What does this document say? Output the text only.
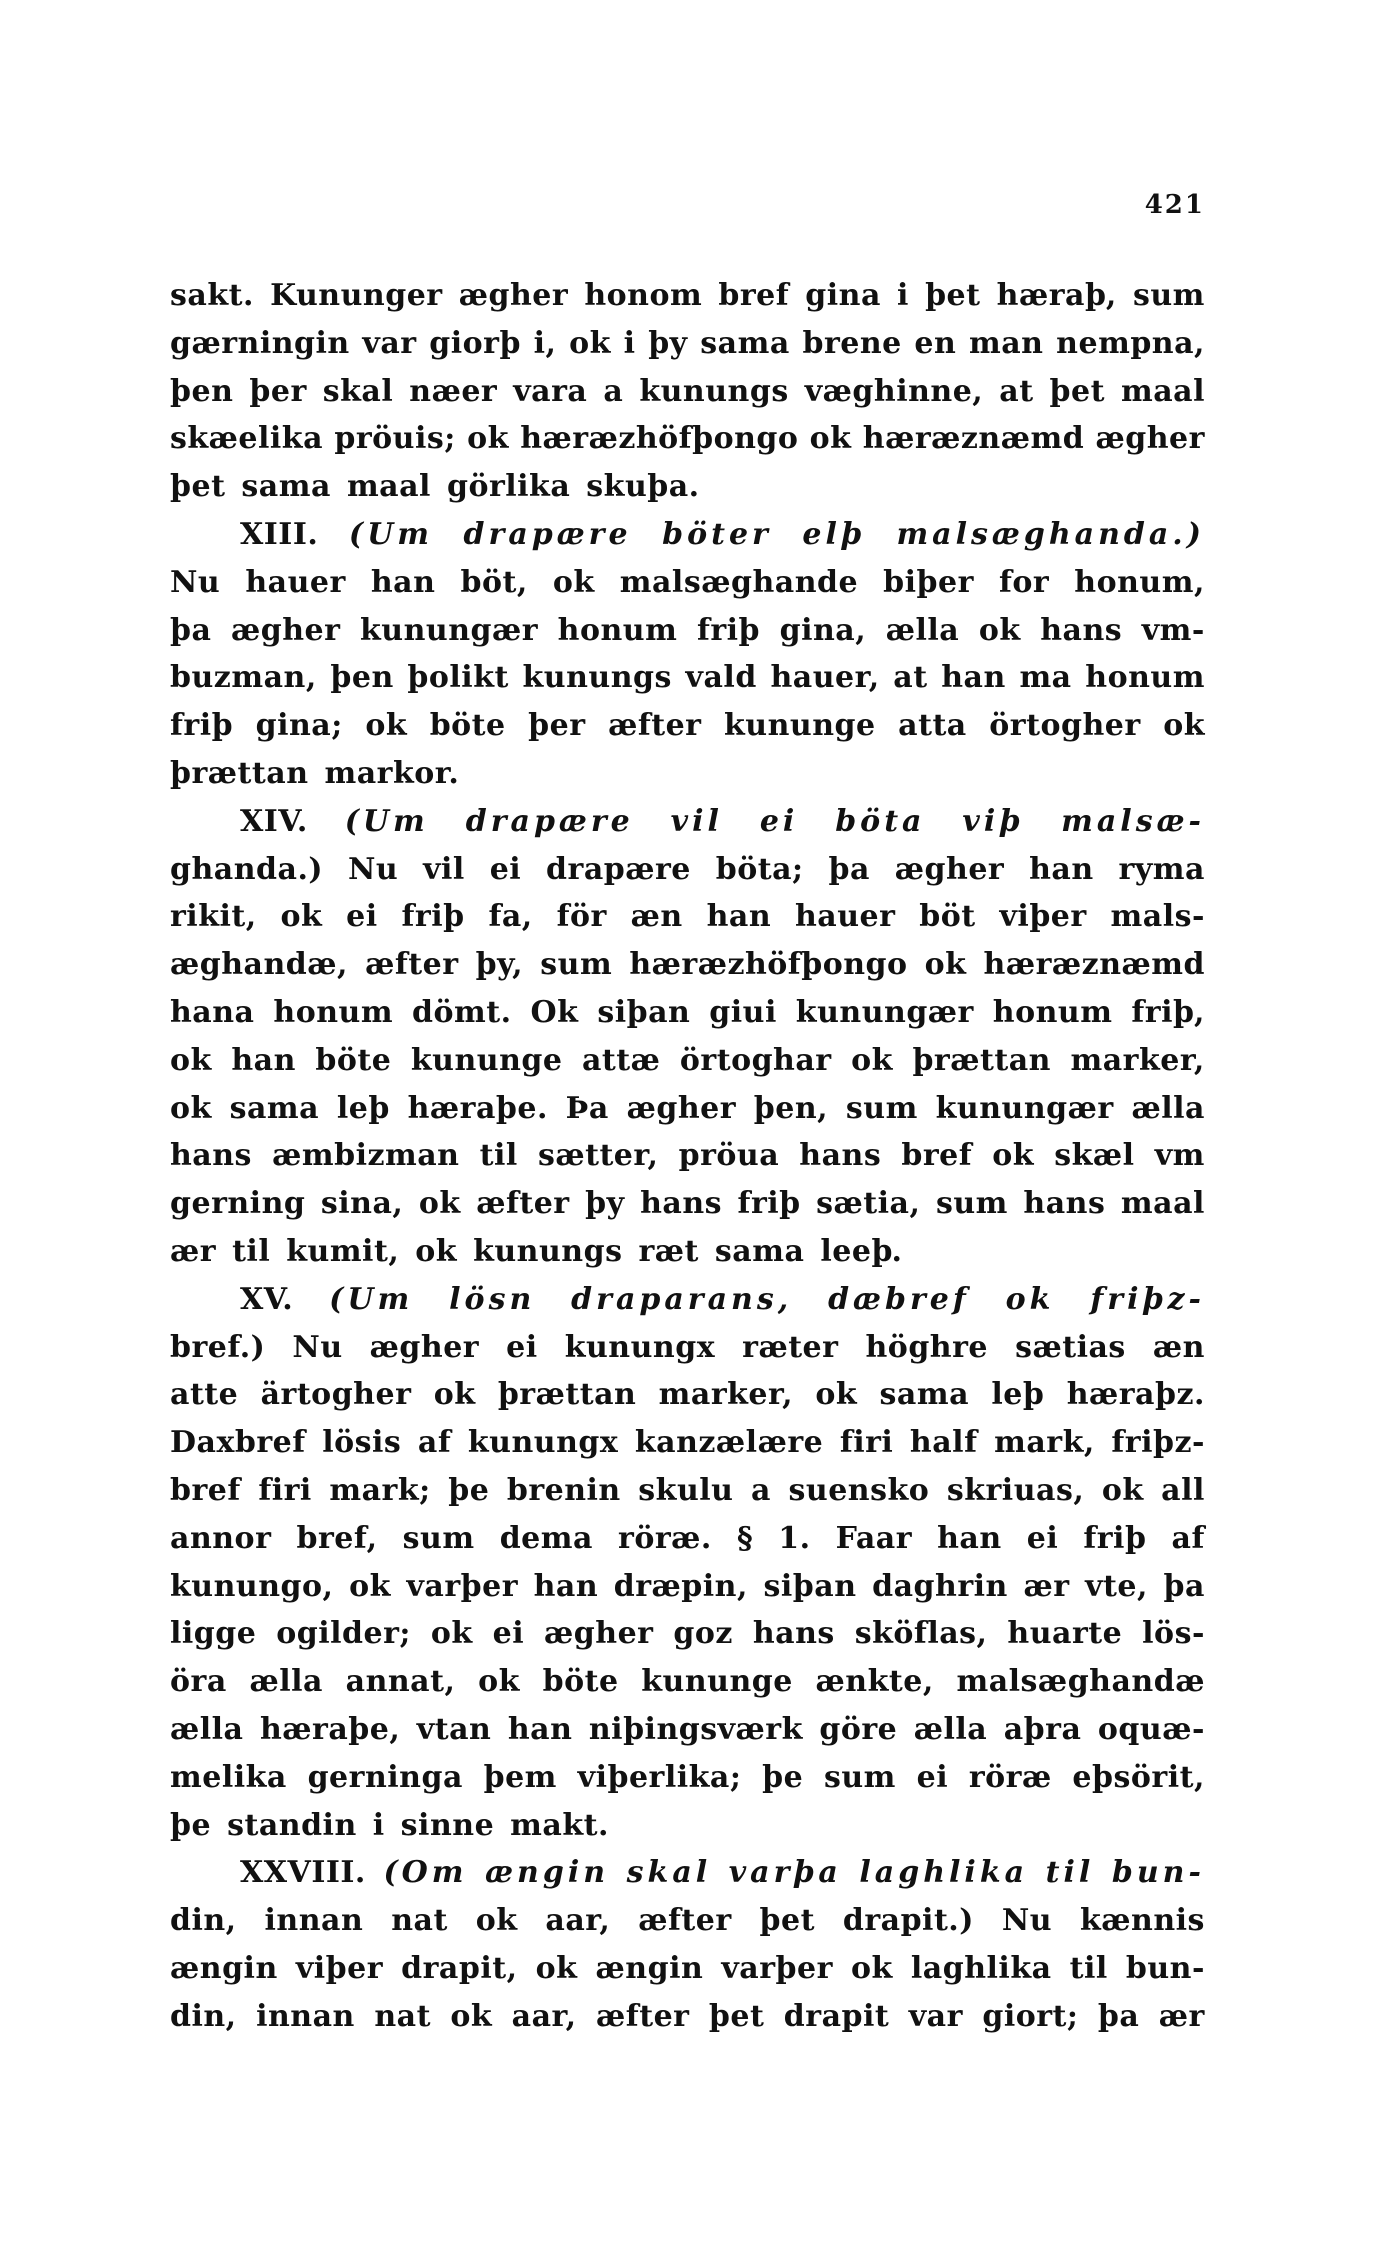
421
sakt. Kununger ægher honom bref gina i þet hæraþ, sum
gærningin var giorþ i, ok i þy sama brene en man nempna,
þen þer skal næer vara a kunungs væghinne, at þet maal
skæelika pröuis; ok hæræzhöfþongo ok hæræznæmd ægher
þet sama maal görlika skuþa.
XIII. (Um drapære böter elþ malsæghanda.)
Nu hauer han böt, ok malsæghande biþer for honum,
þa ægher kunungær honum friþ gina, ælla ok hans vm-
buzman, þen þolikt kunungs vald hauer, at han ma honum
friþ gina; ok böte þer æfter kununge atta örtogher ok
þrættan markor.
XIV. (Um drapære vil ei böta viþ malsæ-
ghanda.) Nu vil ei drapære böta; þa ægher han ryma
rikit, ok ei friþ fa, för æn han hauer böt viþer mals-
æghandæ, æfter þy, sum hæræzhöfþongo ok hæræznæmd
hana honum dömt. Ok siþan giui kunungær honum friþ,
ok han böte kununge attæ örtoghar ok þrættan marker,
ok sama leþ hæraþe. Þa ægher þen, sum kunungær ælla
hans æmbizman til sætter, pröua hans bref ok skæl vm
gerning sina, ok æfter þy hans friþ sætia, sum hans maal
ær til kumit, ok kunungs ræt sama leeþ.
XV. (Um lösn draparans, dæbref ok friþz-
bref.) Nu ægher ei kunungx ræter höghre sætias æn
atte ärtogher ok þrættan marker, ok sama leþ hæraþz.
Daxbref lösis af kunungx kanzælære firi half mark, friþz-
bref firi mark; þe brenin skulu a suensko skriuas, ok all
annor bref, sum dema röræ. § 1. Faar han ei friþ af
kunungo, ok varþer han dræpin, siþan daghrin ær vte, þa
ligge ogilder; ok ei ægher goz hans sköflas, huarte lös-
öra ælla annat, ok böte kununge ænkte, malsæghandæ
ælla hæraþe, vtan han niþingsværk göre ælla aþra oquæ-
melika gerninga þem viþerlika; þe sum ei röræ eþsörit,
þe standin i sinne makt.
XXVIII. (Om ængin skal varþa laghlika til bun-
din, innan nat ok aar, æfter þet drapit.) Nu kænnis
ængin viþer drapit, ok ængin varþer ok laghlika til bun-
din, innan nat ok aar, æfter þet drapit var giort; þa ær
